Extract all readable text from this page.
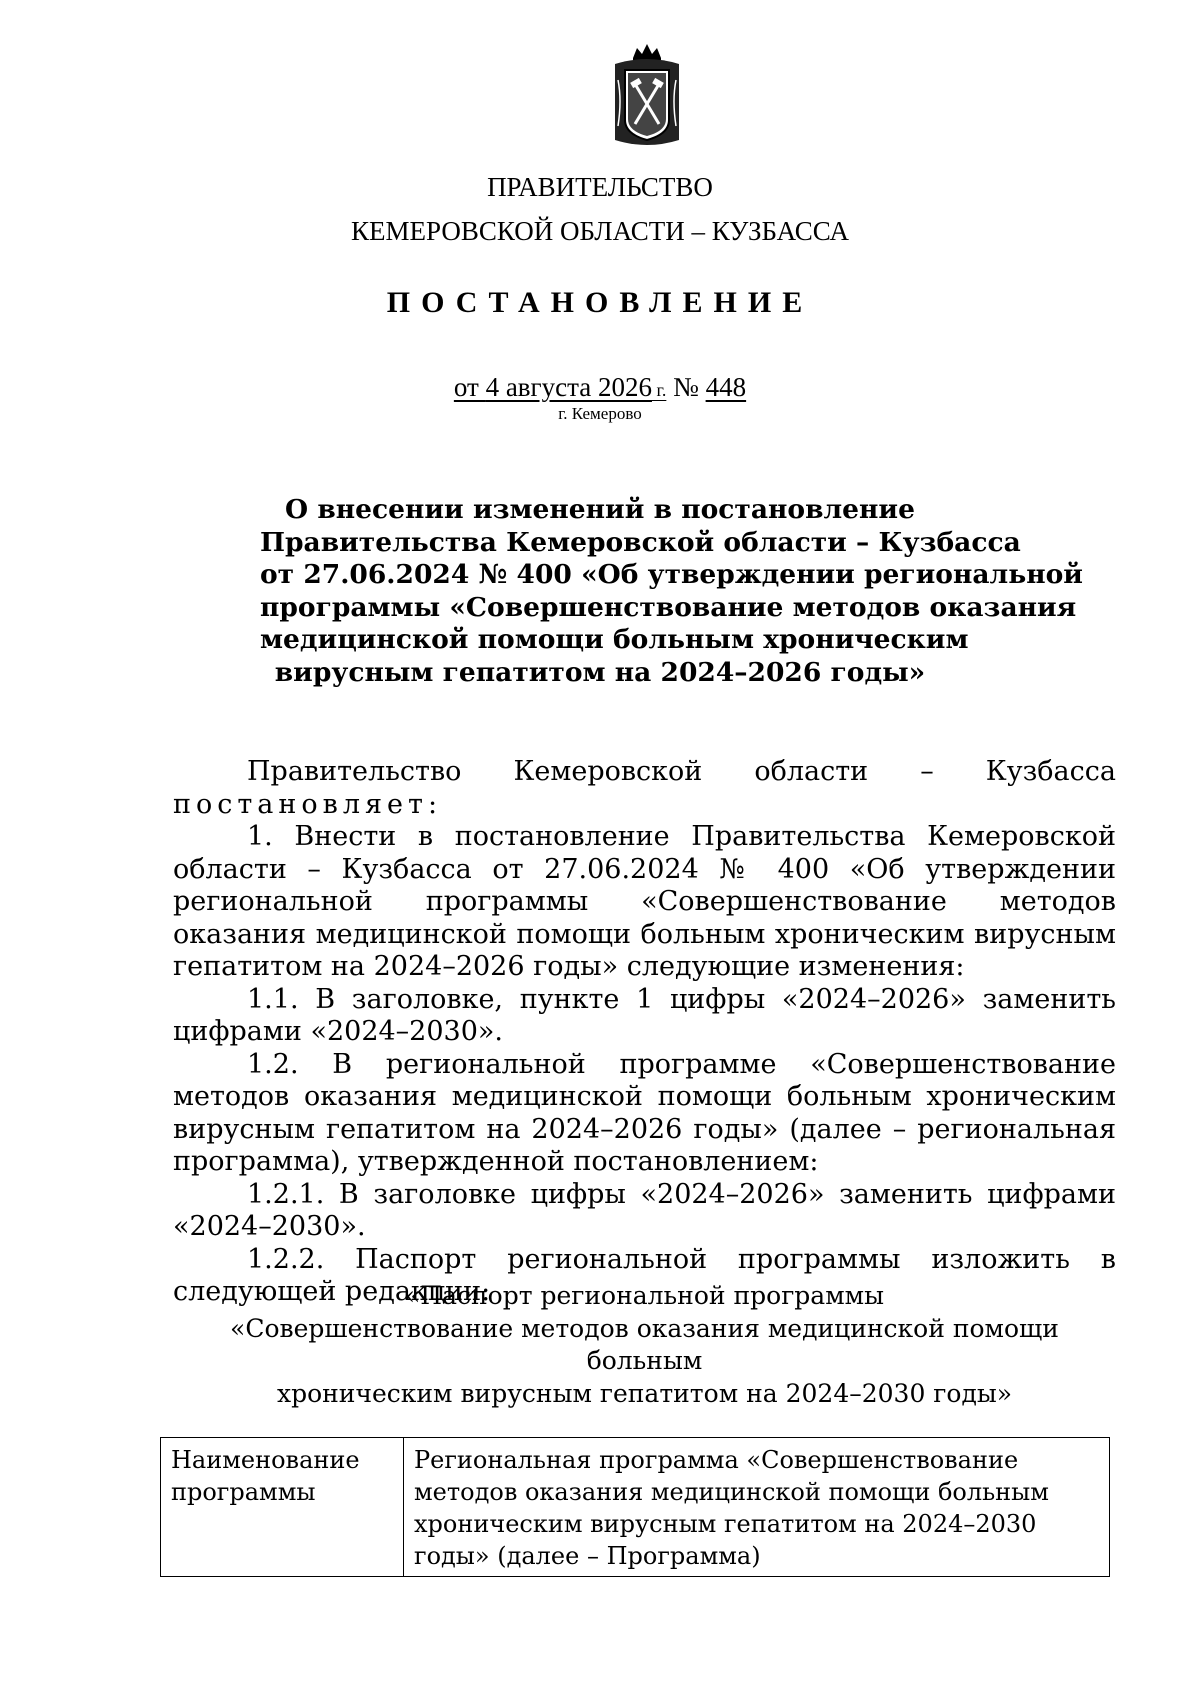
ПРАВИТЕЛЬСТВО
КЕМЕРОВСКОЙ ОБЛАСТИ – КУЗБАССА
ПОСТАНОВЛЕНИЕ
от 4 августа 2026 г. № 448
г. Кемерово
О внесении изменений в постановление
Правительства Кемеровской области – Кузбасса
от 27.06.2024 № 400 «Об утверждении региональной
программы «Совершенствование методов оказания
медицинской помощи больным хроническим
вирусным гепатитом на 2024–2026 годы»

Правительство Кемеровской области – Кузбасса постановляет:

1. Внести в постановление Правительства Кемеровской области – Кузбасса от 27.06.2024 № 400 «Об утверждении региональной программы «Совершенствование методов оказания медицинской помощи больным хроническим вирусным гепатитом на 2024–2026 годы» следующие изменения:

1.1. В заголовке, пункте 1 цифры «2024–2026» заменить цифрами «2024–2030».

1.2. В региональной программе «Совершенствование методов оказания медицинской помощи больным хроническим вирусным гепатитом на 2024–2026 годы» (далее – региональная программа), утвержденной постановлением:

1.2.1. В заголовке цифры «2024–2026» заменить цифрами «2024–2030».

1.2.2. Паспорт региональной программы изложить в следующей редакции:

«Паспорт региональной программы
«Совершенствование методов оказания медицинской помощи больным
хроническим вирусным гепатитом на 2024–2030 годы»
Наименование программы	Региональная программа «Совершенствование методов оказания медицинской помощи больным хроническим вирусным гепатитом на 2024–2030 годы» (далее – Программа)
